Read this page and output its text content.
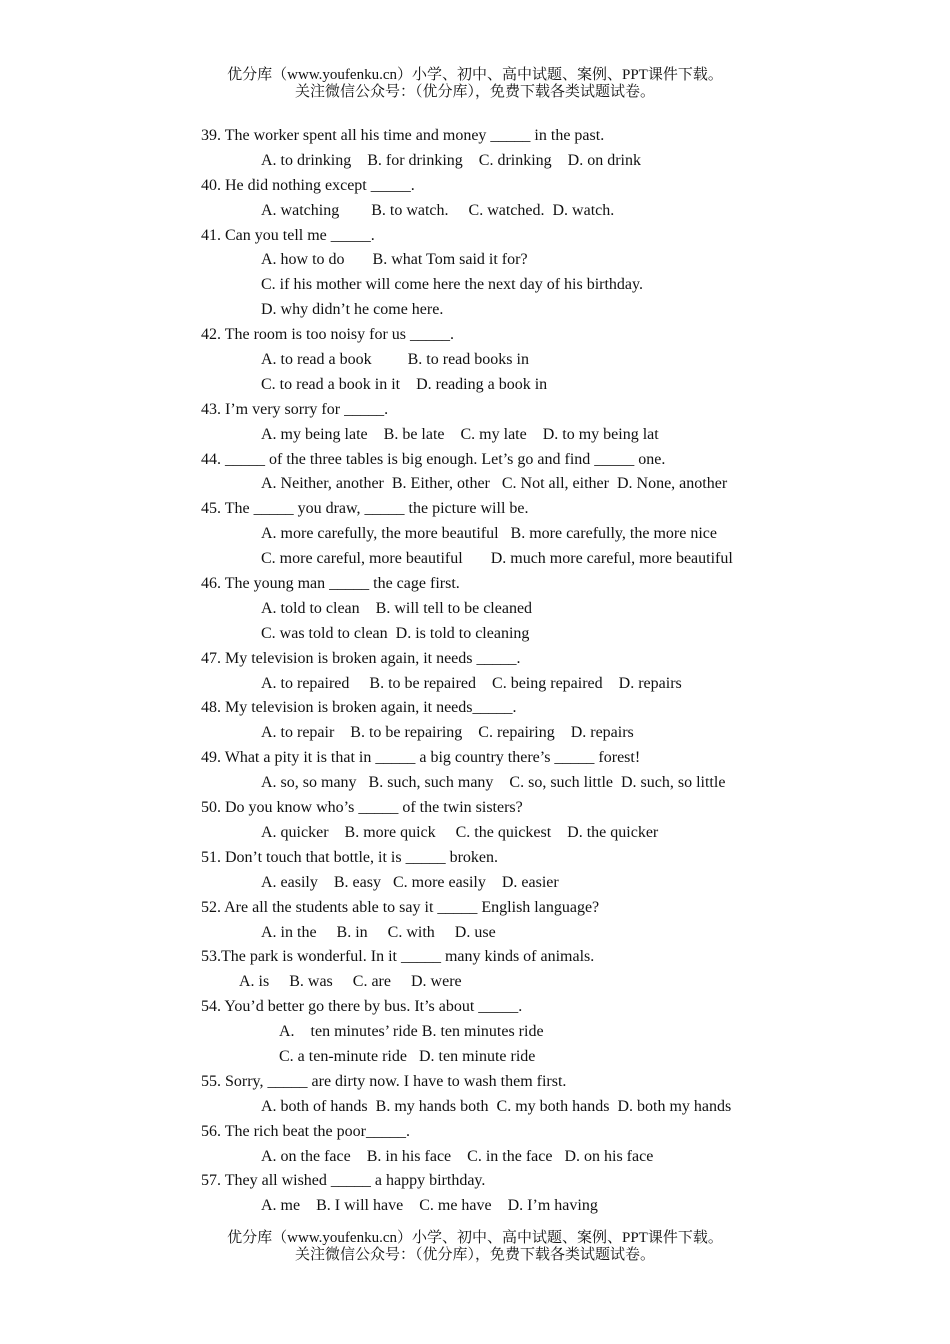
优分库（www.youfenku.cn）小学、初中、高中试题、案例、PPT课件下载。
关注微信公众号：（优分库），免费下载各类试题试卷。
39. The worker spent all his time and money _____ in the past.
A. to drinking    B. for drinking    C. drinking    D. on drink
40. He did nothing except _____.
A. watching        B. to watch.     C. watched.  D. watch.
41. Can you tell me _____.
A. how to do       B. what Tom said it for?
C. if his mother will come here the next day of his birthday.
D. why didn’t he come here.
42. The room is too noisy for us _____.
A. to read a book         B. to read books in
C. to read a book in it    D. reading a book in
43. I’m very sorry for _____.
A. my being late    B. be late    C. my late    D. to my being lat
44. _____ of the three tables is big enough. Let’s go and find _____ one.
A. Neither, another  B. Either, other   C. Not all, either  D. None, another
45. The _____ you draw, _____ the picture will be.
A. more carefully, the more beautiful   B. more carefully, the more nice
C. more careful, more beautiful       D. much more careful, more beautiful
46. The young man _____ the cage first.
A. told to clean    B. will tell to be cleaned
C. was told to clean  D. is told to cleaning
47. My television is broken again, it needs _____.
A. to repaired     B. to be repaired    C. being repaired    D. repairs
48. My television is broken again, it needs_____.
A. to repair    B. to be repairing    C. repairing    D. repairs
49. What a pity it is that in _____ a big country there’s _____ forest!
A. so, so many   B. such, such many    C. so, such little  D. such, so little
50. Do you know who’s _____ of the twin sisters?
A. quicker    B. more quick     C. the quickest    D. the quicker
51. Don’t touch that bottle, it is _____ broken.
A. easily    B. easy   C. more easily    D. easier
52. Are all the students able to say it _____ English language?
A. in the     B. in     C. with     D. use
53.The park is wonderful. In it _____ many kinds of animals.
A. is     B. was     C. are     D. were
54. You’d better go there by bus. It’s about _____.
A.    ten minutes’ ride B. ten minutes ride
C. a ten-minute ride   D. ten minute ride
55. Sorry, _____ are dirty now. I have to wash them first.
A. both of hands  B. my hands both  C. my both hands  D. both my hands
56. The rich beat the poor_____.
A. on the face    B. in his face    C. in the face   D. on his face
57. They all wished _____ a happy birthday.
A. me    B. I will have    C. me have    D. I’m having
优分库（www.youfenku.cn）小学、初中、高中试题、案例、PPT课件下载。
关注微信公众号：（优分库），免费下载各类试题试卷。
